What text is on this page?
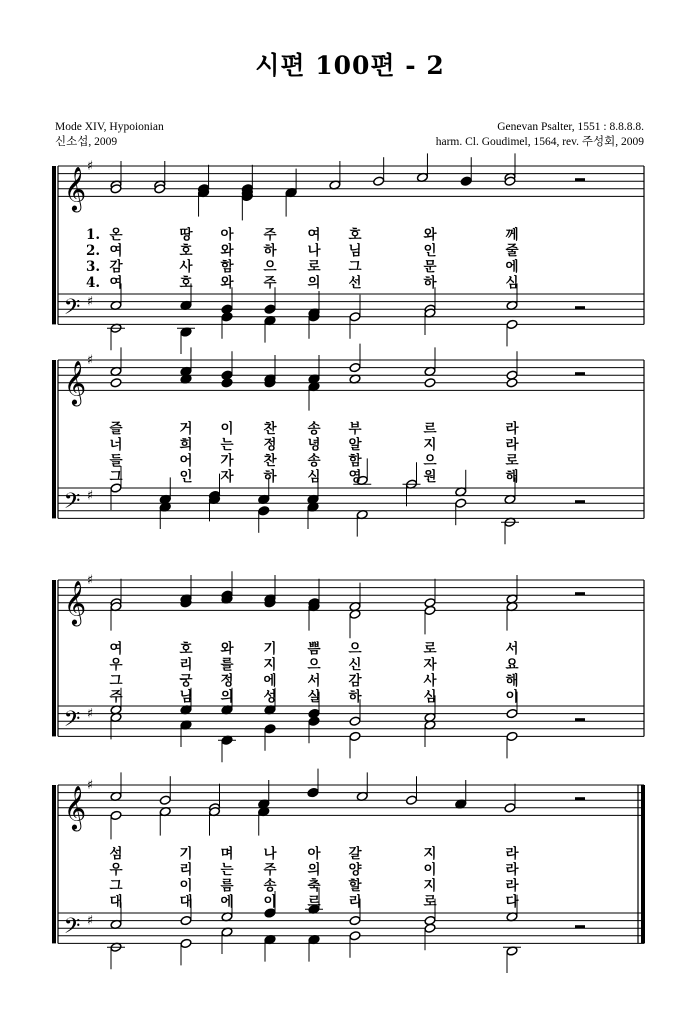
시편 100편 - 2
Mode XIV, Hypoionian
신소섭, 2009
Genevan Psalter, 1551 : 8.8.8.8.
harm. Cl. Goudimel, 1564, rev. 주성회, 2009
𝄞
𝄢
♯
♯
𝄞
𝄢
♯
♯
𝄞
𝄢
♯
♯
𝄞
𝄢
♯
♯
1. 온	땅	아	주	여	호	와	께
2. 여	호	와	하	나	님	인	줄
3. 감	사	함	으	로	그	문	에
4. 여	호	와	주	의	선	하	심
즐	거	이	찬	송	부	르	라
너	희	는	정	녕	알	지	라
들	어	가	찬	송	함	으	로
그	인	자	하	심	영	원	해
여	호	와	기	쁨	으	로	서
우	리	를	지	으	신	자	요
그	궁	정	에	서	감	사	해
주	님	의	성	실	하	심	이
섬	기	며	나	아	갈	지	라
우	리	는	주	의	양	이	라
그	이	름	송	축	할	지	라
대	대	에	이	르	리	로	다
